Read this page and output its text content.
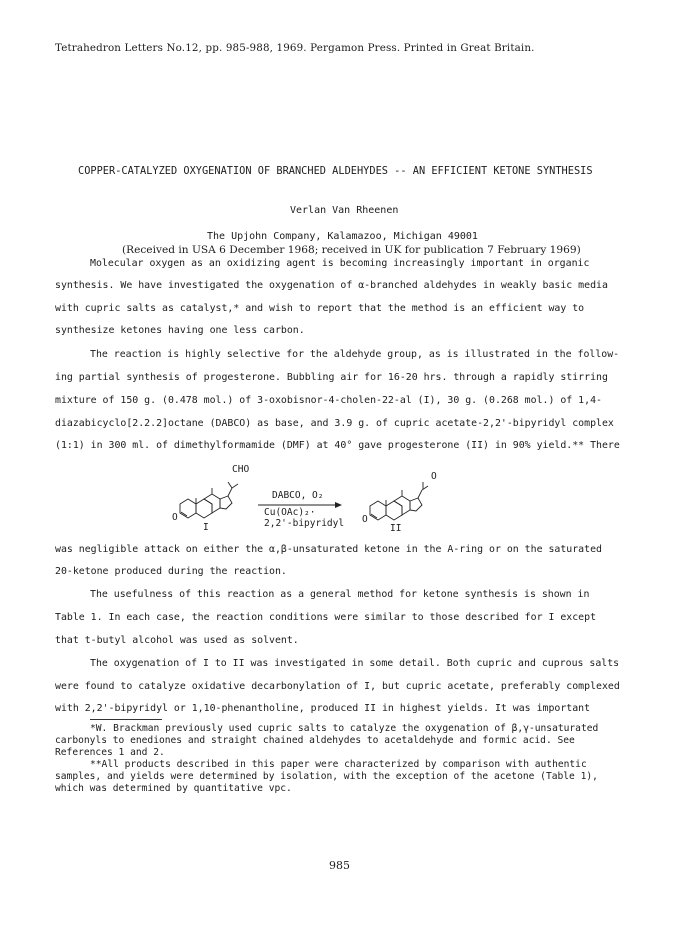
Tetrahedron Letters No.12, pp. 985-988, 1969. Pergamon Press. Printed in Great Britain.
COPPER-CATALYZED OXYGENATION OF BRANCHED ALDEHYDES -- AN EFFICIENT KETONE SYNTHESIS
Verlan Van Rheenen
The Upjohn Company, Kalamazoo, Michigan 49001
(Received in USA 6 December 1968; received in UK for publication 7 February 1969)
Molecular oxygen as an oxidizing agent is becoming increasingly important in organic
synthesis. We have investigated the oxygenation of α-branched aldehydes in weakly basic media
with cupric salts as catalyst,* and wish to report that the method is an efficient way to
synthesize ketones having one less carbon.
The reaction is highly selective for the aldehyde group, as is illustrated in the follow-
ing partial synthesis of progesterone. Bubbling air for 16-20 hrs. through a rapidly stirring
mixture of 150 g. (0.478 mol.) of 3-oxobisnor-4-cholen-22-al (I), 30 g. (0.268 mol.) of 1,4-
diazabicyclo[2.2.2]octane (DABCO) as base, and 3.9 g. of cupric acetate-2,2'-bipyridyl complex
(1:1) in 300 ml. of dimethylformamide (DMF) at 40° gave progesterone (II) in 90% yield.** There
CHO
O	O
O
I	II
DABCO, O₂
Cu(OAc)₂·
2,2'-bipyridyl
was negligible attack on either the α,β-unsaturated ketone in the A-ring or on the saturated
20-ketone produced during the reaction.
The usefulness of this reaction as a general method for ketone synthesis is shown in
Table 1. In each case, the reaction conditions were similar to those described for I except
that t-butyl alcohol was used as solvent.
The oxygenation of I to II was investigated in some detail. Both cupric and cuprous salts
were found to catalyze oxidative decarbonylation of I, but cupric acetate, preferably complexed
with 2,2'-bipyridyl or 1,10-phenantholine, produced II in highest yields. It was important
*W. Brackman previously used cupric salts to catalyze the oxygenation of β,γ-unsaturated
carbonyls to enediones and straight chained aldehydes to acetaldehyde and formic acid. See
References 1 and 2.
**All products described in this paper were characterized by comparison with authentic
samples, and yields were determined by isolation, with the exception of the acetone (Table 1),
which was determined by quantitative vpc.
985
